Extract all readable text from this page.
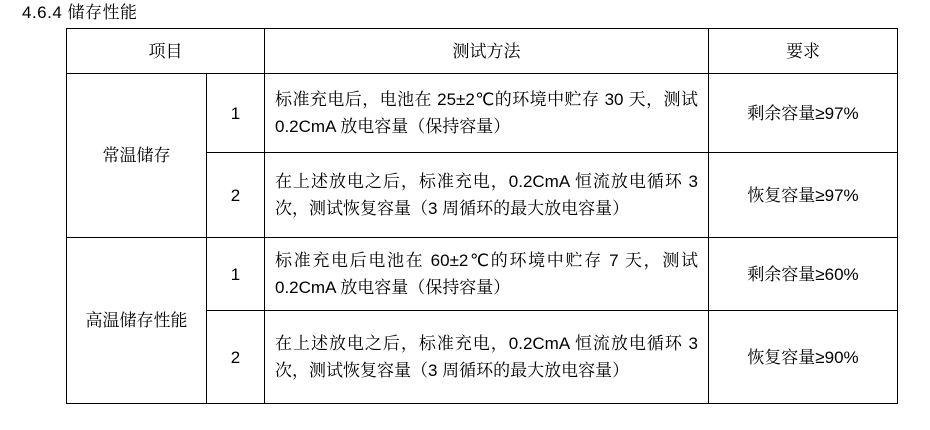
4.6.4 储存性能
项目		测试方法	要求
常温储存	1	标准充电后，电池在 25±2℃的环境中贮存 30 天，测试 0.2CmA 放电容量（保持容量）	剩余容量≥97%
	2	在上述放电之后，标准充电，0.2CmA 恒流放电循环 3 次，测试恢复容量（3 周循环的最大放电容量）	恢复容量≥97%
高温储存性能	1	标准充电后电池在 60±2℃的环境中贮存 7 天，测试 0.2CmA 放电容量（保持容量）	剩余容量≥60%
	2	在上述放电之后，标准充电，0.2CmA 恒流放电循环 3 次，测试恢复容量（3 周循环的最大放电容量）	恢复容量≥90%
